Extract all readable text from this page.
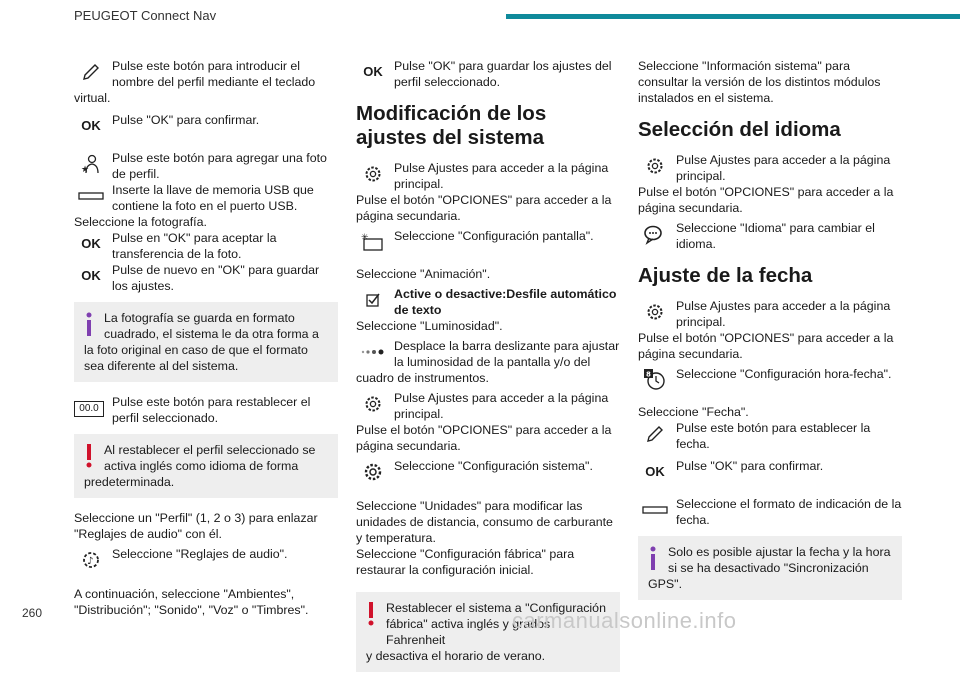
PEUGEOT Connect Nav
Pulse este botón para introducir el nombre del perfil mediante el teclado
virtual.
OK Pulse "OK" para confirmar.
★
Pulse este botón para agregar una foto de perfil.
Inserte la llave de memoria USB que contiene la foto en el puerto USB.

Seleccione la fotografía.

OK Pulse en "OK" para aceptar la transferencia de la foto.
OK Pulse de nuevo en "OK" para guardar los ajustes.
La fotografía se guarda en formato cuadrado, el sistema le da otra forma a
la foto original en caso de que el formato sea diferente al del sistema.
00.0	Pulse este botón para restablecer el perfil seleccionado.
Al restablecer el perfil seleccionado se activa inglés como idioma de forma
predeterminada.

Seleccione un "Perfil" (1, 2 o 3) para enlazar "Reglajes de audio" con él.

♪
Seleccione "Reglajes de audio".

A continuación, seleccione "Ambientes", "Distribución"; "Sonido", "Voz" o "Timbres".

OK Pulse "OK" para guardar los ajustes del perfil seleccionado.
Modificación de los ajustes del sistema
Pulse Ajustes para acceder a la página principal.

Pulse el botón "OPCIONES" para acceder a la página secundaria.

✳ Seleccione "Configuración pantalla".

Seleccione "Animación".

Active o desactive:Desfile automático de texto

Seleccione "Luminosidad".

Desplace la barra deslizante para ajustar la luminosidad de la pantalla y/o del
cuadro de instrumentos.
Pulse Ajustes para acceder a la página principal.

Pulse el botón "OPCIONES" para acceder a la página secundaria.

Seleccione "Configuración sistema".

Seleccione "Unidades" para modificar las unidades de distancia, consumo de carburante y temperatura.

Seleccione "Configuración fábrica" para restaurar la configuración inicial.

Restablecer el sistema a "Configuración fábrica" activa inglés y grados Fahrenheit
y desactiva el horario de verano.

Seleccione "Información sistema" para consultar la versión de los distintos módulos instalados en el sistema.

Selección del idioma
Pulse Ajustes para acceder a la página principal.

Pulse el botón "OPCIONES" para acceder a la página secundaria.

Seleccione "Idioma" para cambiar el idioma.
Ajuste de la fecha
Pulse Ajustes para acceder a la página principal.

Pulse el botón "OPCIONES" para acceder a la página secundaria.

8 Seleccione "Configuración hora-fecha".

Seleccione "Fecha".

Pulse este botón para establecer la fecha.
OK Pulse "OK" para confirmar.
Seleccione el formato de indicación de la fecha.
Solo es posible ajustar la fecha y la hora si se ha desactivado "Sincronización
GPS".
260	carmanualsonline.info
